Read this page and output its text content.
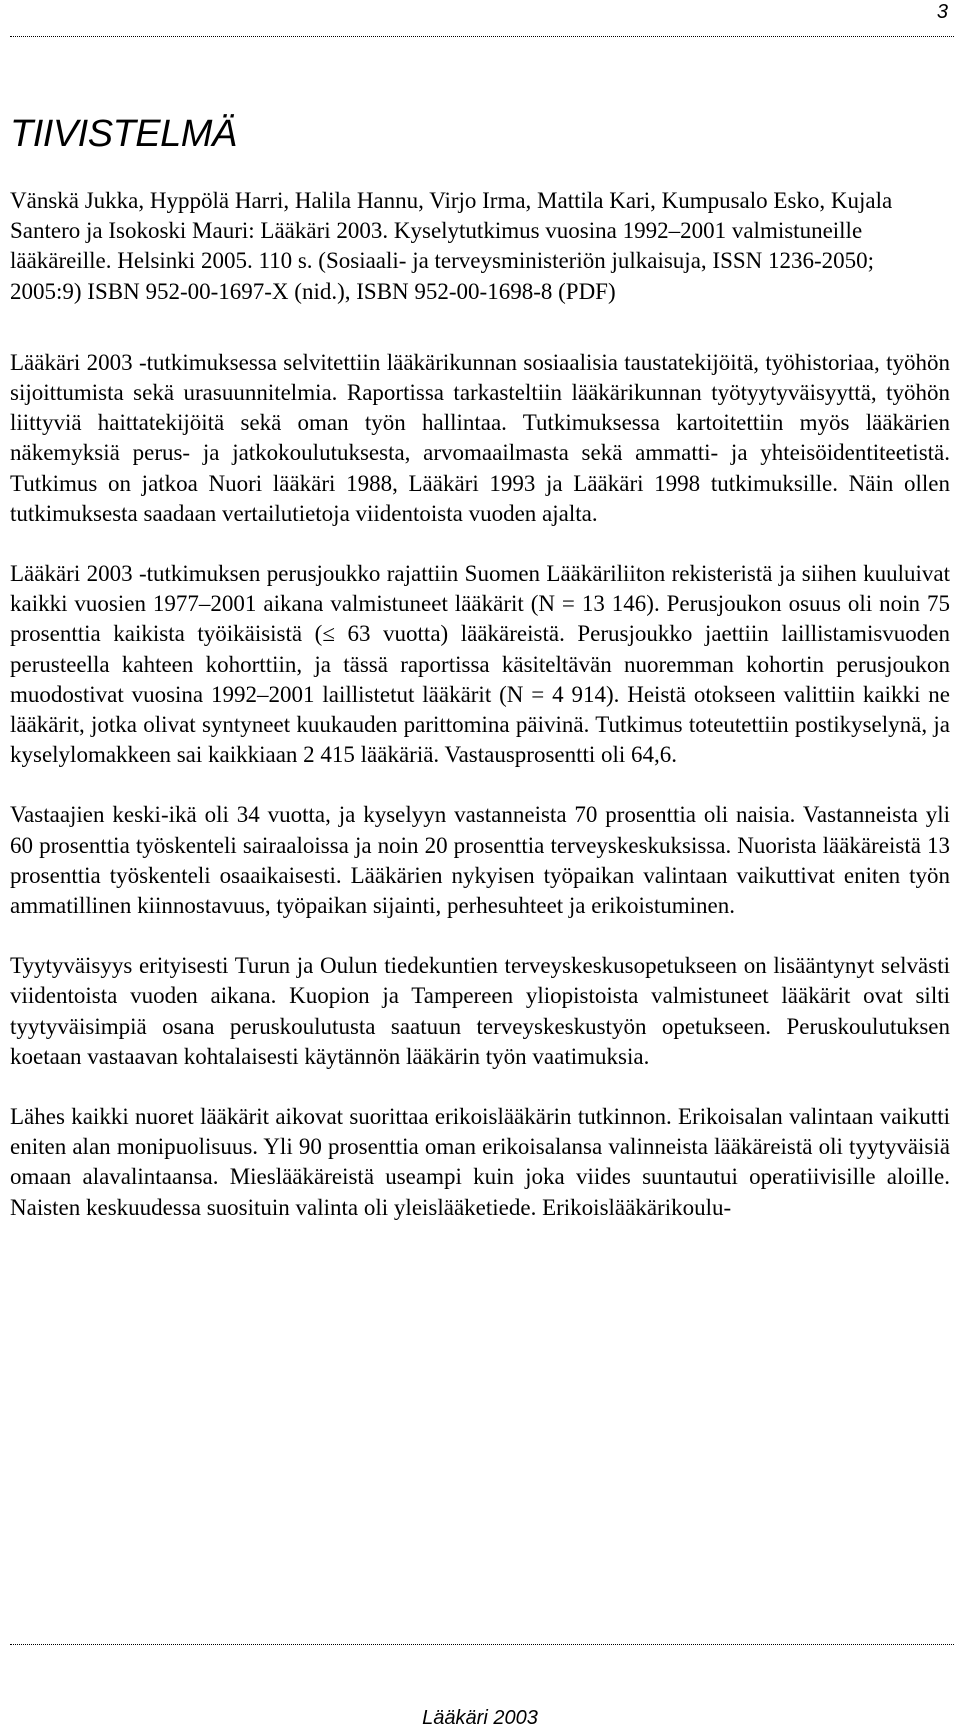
3
TIIVISTELMÄ

Vänskä Jukka, Hyppölä Harri, Halila Hannu, Virjo Irma, Mattila Kari, Kumpusalo Esko, Kujala Santero ja Isokoski Mauri: Lääkäri 2003. Kyselytutkimus vuosina 1992–2001 valmistuneille lääkäreille. Helsinki 2005. 110 s. (Sosiaali- ja terveysministeriön julkaisuja, ISSN 1236-2050; 2005:9) ISBN 952-00-1697-X (nid.), ISBN 952-00-1698-8 (PDF)

Lääkäri 2003 -tutkimuksessa selvitettiin lääkärikunnan sosiaalisia taustatekijöitä, työhistoriaa, työhön sijoittumista sekä urasuunnitelmia. Raportissa tarkasteltiin lääkärikunnan työtyytyväisyyttä, työhön liittyviä haittatekijöitä sekä oman työn hallintaa. Tutkimuksessa kartoitettiin myös lääkärien näkemyksiä perus- ja jatkokoulutuksesta, arvomaailmasta sekä ammatti- ja yhteisöidentiteetistä. Tutkimus on jatkoa Nuori lääkäri 1988, Lääkäri 1993 ja Lääkäri 1998 tutkimuksille. Näin ollen tutkimuksesta saadaan vertailutietoja viidentoista vuoden ajalta.

Lääkäri 2003 -tutkimuksen perusjoukko rajattiin Suomen Lääkäriliiton rekisteristä ja siihen kuuluivat kaikki vuosien 1977–2001 aikana valmistuneet lääkärit (N = 13 146). Perusjoukon osuus oli noin 75 prosenttia kaikista työikäisistä (≤ 63 vuotta) lääkäreistä. Perusjoukko jaettiin laillistamisvuoden perusteella kahteen kohorttiin, ja tässä raportissa käsiteltävän nuoremman kohortin perusjoukon muodostivat vuosina 1992–2001 laillistetut lääkärit (N = 4 914). Heistä otokseen valittiin kaikki ne lääkärit, jotka olivat syntyneet kuukauden parittomina päivinä. Tutkimus toteutettiin postikyselynä, ja kyselylomakkeen sai kaikkiaan 2 415 lääkäriä. Vastausprosentti oli 64,6.

Vastaajien keski-ikä oli 34 vuotta, ja kyselyyn vastanneista 70 prosenttia oli naisia. Vastanneista yli 60 prosenttia työskenteli sairaaloissa ja noin 20 prosenttia terveyskeskuksissa. Nuorista lääkäreistä 13 prosenttia työskenteli osaaikaisesti. Lääkärien nykyisen työpaikan valintaan vaikuttivat eniten työn ammatillinen kiinnostavuus, työpaikan sijainti, perhesuhteet ja erikoistuminen.

Tyytyväisyys erityisesti Turun ja Oulun tiedekuntien terveyskeskusopetukseen on lisääntynyt selvästi viidentoista vuoden aikana. Kuopion ja Tampereen yliopistoista valmistuneet lääkärit ovat silti tyytyväisimpiä osana peruskoulutusta saatuun terveyskeskustyön opetukseen. Peruskoulutuksen koetaan vastaavan kohtalaisesti käytännön lääkärin työn vaatimuksia.

Lähes kaikki nuoret lääkärit aikovat suorittaa erikoislääkärin tutkinnon. Erikoisalan valintaan vaikutti eniten alan monipuolisuus. Yli 90 prosenttia oman erikoisalansa valinneista lääkäreistä oli tyytyväisiä omaan alavalintaansa. Mieslääkäreistä useampi kuin joka viides suuntautui operatiivisille aloille. Naisten keskuudessa suosituin valinta oli yleislääketiede. Erikoislääkärikoulu-

Lääkäri 2003
